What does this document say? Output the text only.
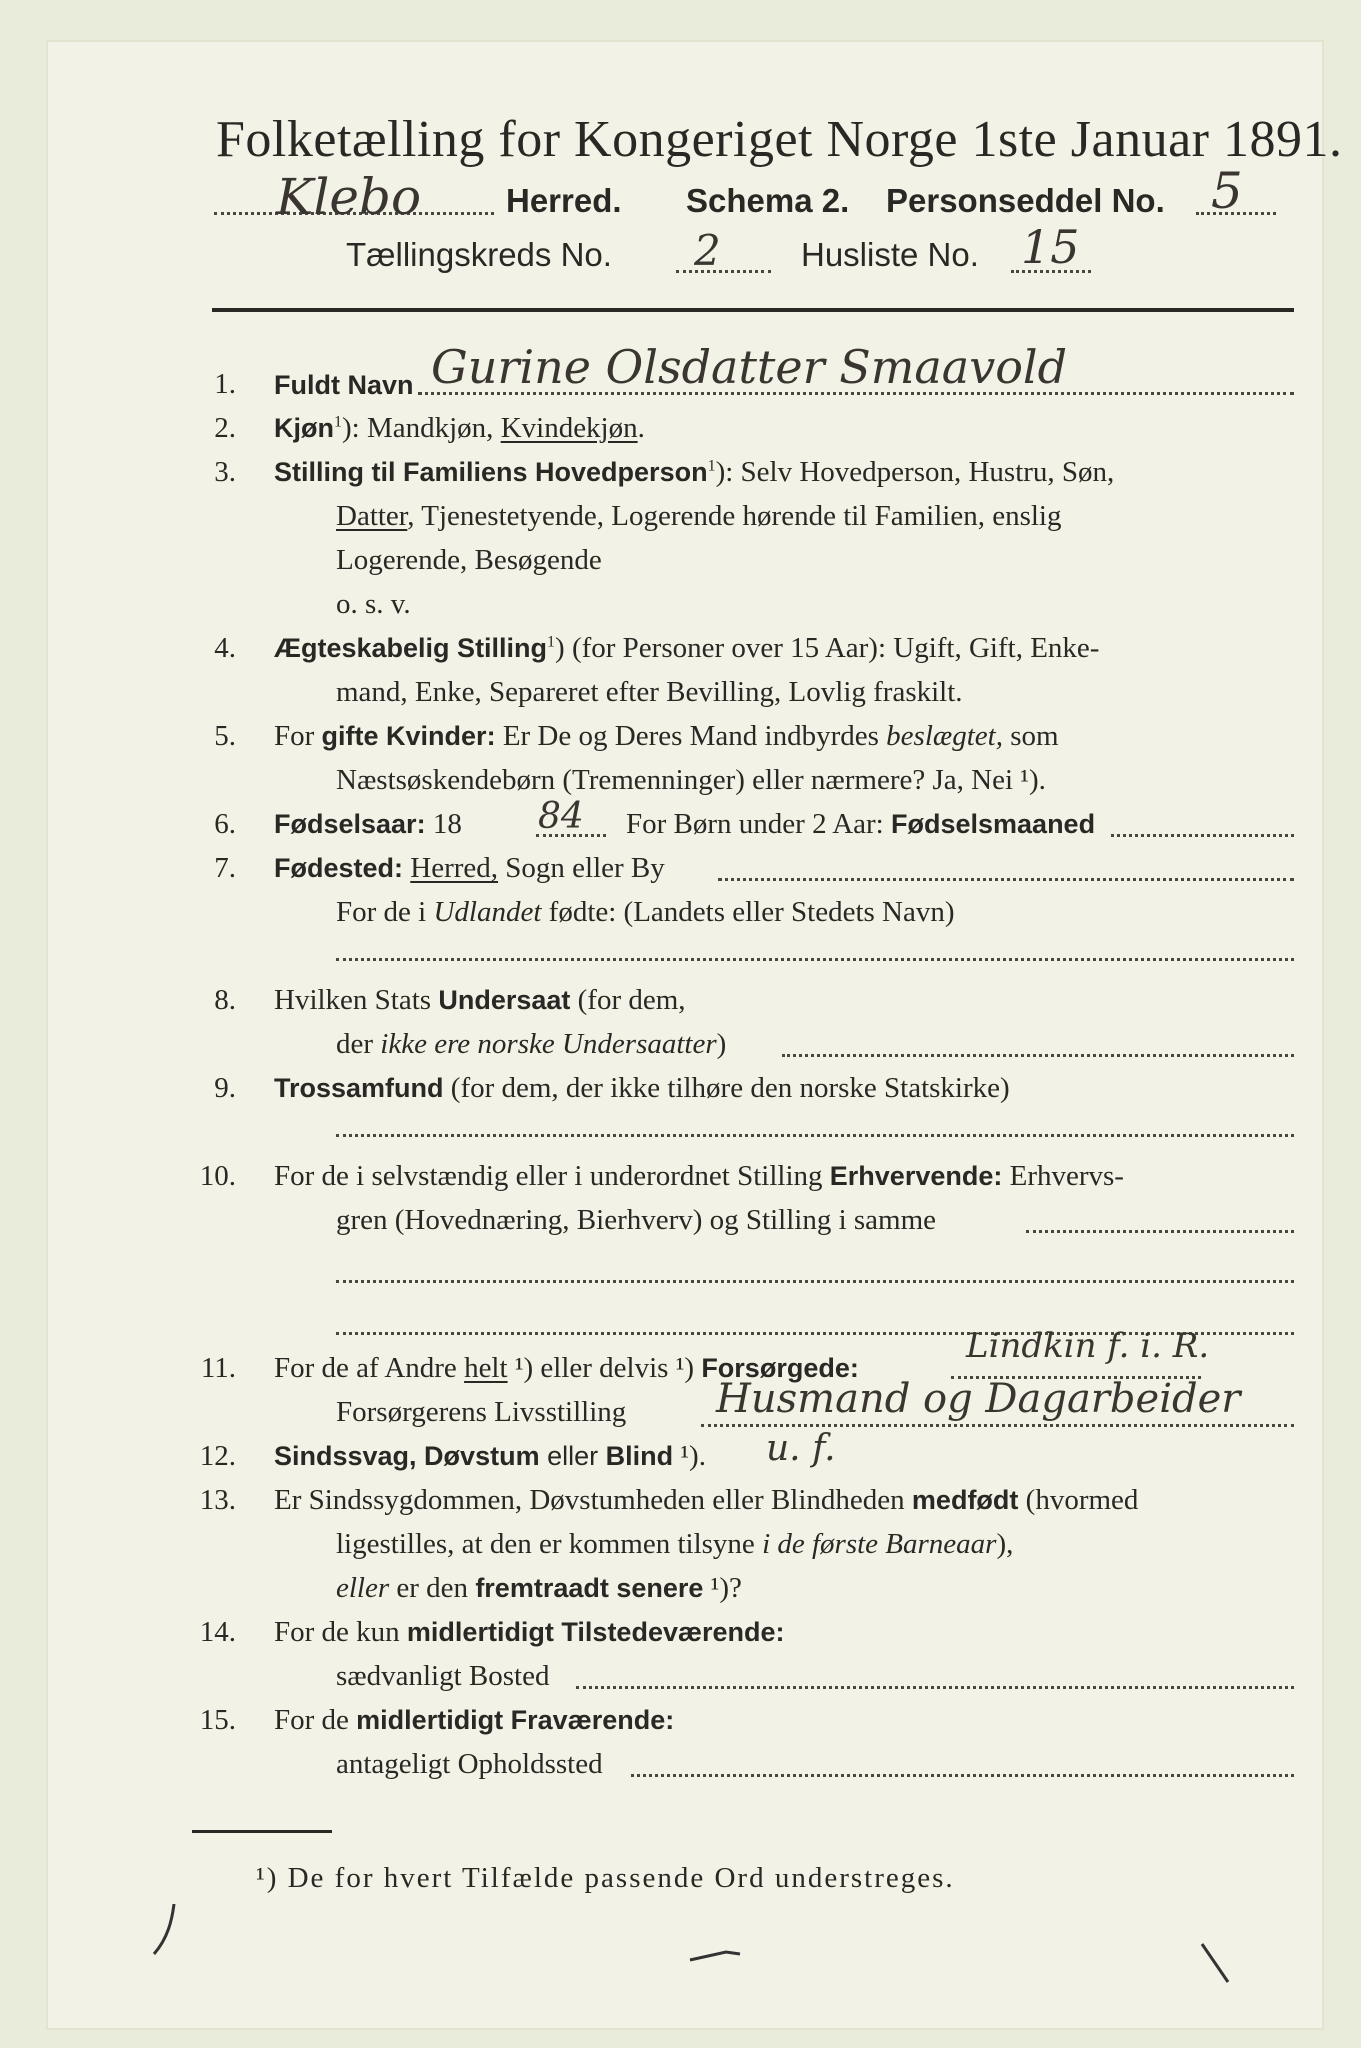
Folketælling for Kongeriget Norge 1ste Januar 1891.
Klebo	Herred. Schema 2. Personseddel No. 5
Tællingskreds No. 2 Husliste No. 15
1. Fuldt Navn Gurine Olsdatter Smaavold
2. Kjøn$^1$): Mandkjøn, Kvindekjøn.
3. Stilling til Familiens Hovedperson$^1$): Selv Hovedperson, Hustru, Søn,
Datter, Tjenestetyende, Logerende hørende til Familien, enslig
Logerende, Besøgende
o. s. v.
4. Ægteskabelig Stilling$^1$) (for Personer over 15 Aar): Ugift, Gift, Enke-
mand, Enke, Separeret efter Bevilling, Lovlig fraskilt.
5. For gifte Kvinder: Er De og Deres Mand indbyrdes beslægtet, som
Næstsøskendebørn (Tremenninger) eller nærmere? Ja, Nei ¹).
6. Fødselsaar: 18 84 For Børn under 2 Aar: Fødselsmaaned
7. Fødested: Herred, Sogn eller By
For de i Udlandet fødte: (Landets eller Stedets Navn)
8. Hvilken Stats Undersaat (for dem,
der ikke ere norske Undersaatter)
9. Trossamfund (for dem, der ikke tilhøre den norske Statskirke)
10. For de i selvstændig eller i underordnet Stilling Erhvervende: Erhvervs-
gren (Hovednæring, Bierhverv) og Stilling i samme
11. For de af Andre helt ¹) eller delvis ¹) Forsørgede:
Lindkin f. i. R.
Forsørgerens Livsstilling Husmand og Dagarbeider
12. Sindssvag, Døvstum eller Blind ¹). u. f.
13. Er Sindssygdommen, Døvstumheden eller Blindheden medfødt (hvormed
ligestilles, at den er kommen tilsyne i de første Barneaar),
eller er den fremtraadt senere ¹)?
14. For de kun midlertidigt Tilstedeværende:
sædvanligt Bosted
15. For de midlertidigt Fraværende:
antageligt Opholdssted
¹) De for hvert Tilfælde passende Ord understreges.
